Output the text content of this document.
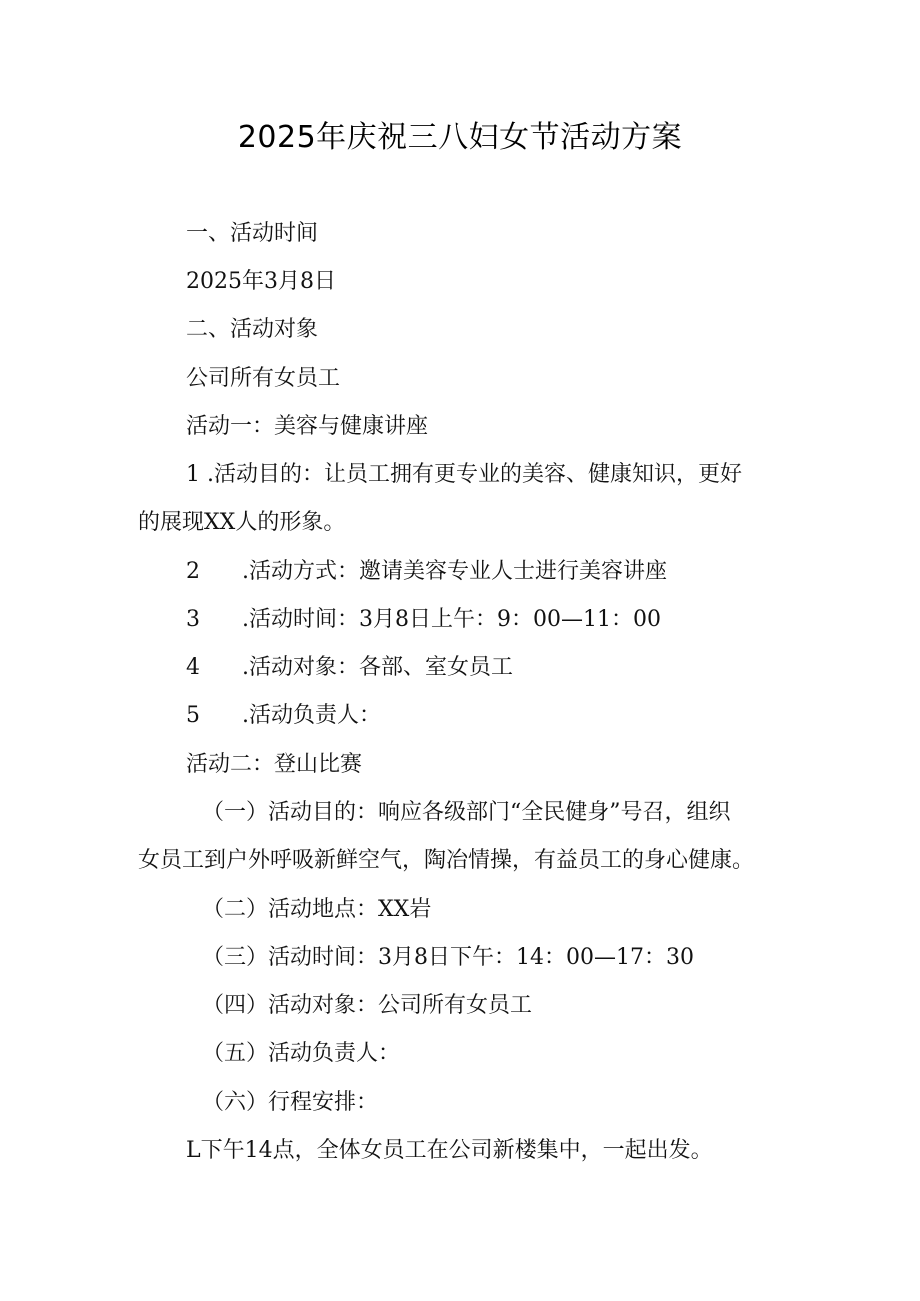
2025年庆祝三八妇女节活动方案
一、活动时间
2025年3月8日
二、活动对象
公司所有女员工
活动一：美容与健康讲座
1 .活动目的：让员工拥有更专业的美容、健康知识，更好
的展现XX人的形象。
2 .活动方式：邀请美容专业人士进行美容讲座
3 .活动时间：3月8日上午：9：00—11：00
4 .活动对象：各部、室女员工
5 .活动负责人：
活动二：登山比赛
（一）活动目的：响应各级部门“全民健身”号召，组织
女员工到户外呼吸新鲜空气，陶冶情操，有益员工的身心健康。
（二）活动地点：XX岩
（三）活动时间：3月8日下午：14：00—17：30
（四）活动对象：公司所有女员工
（五）活动负责人：
（六）行程安排：
L下午14点，全体女员工在公司新楼集中，一起出发。
